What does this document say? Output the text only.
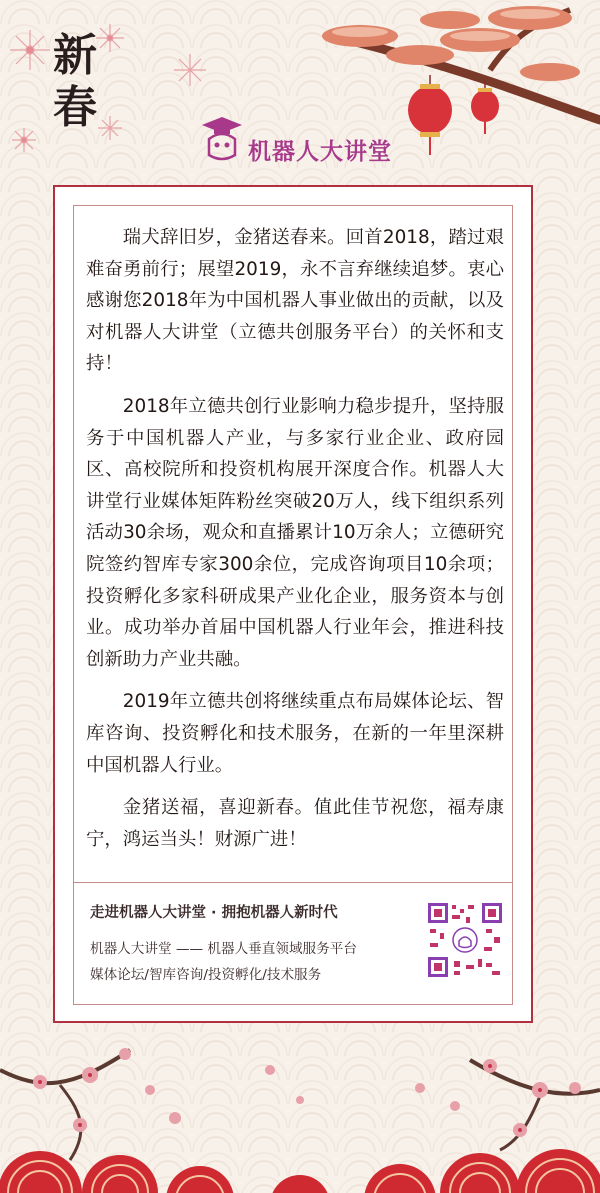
新
春
机器人大讲堂

瑞犬辞旧岁，金猪送春来。回首2018，踏过艰难奋勇前行；展望2019，永不言弃继续追梦。衷心感谢您2018年为中国机器人事业做出的贡献，以及对机器人大讲堂（立德共创服务平台）的关怀和支持！

2018年立德共创行业影响力稳步提升，坚持服务于中国机器人产业，与多家行业企业、政府园区、高校院所和投资机构展开深度合作。机器人大讲堂行业媒体矩阵粉丝突破20万人，线下组织系列活动30余场，观众和直播累计10万余人；立德研究院签约智库专家300余位，完成咨询项目10余项；投资孵化多家科研成果产业化企业，服务资本与创业。成功举办首届中国机器人行业年会，推进科技创新助力产业共融。

2019年立德共创将继续重点布局媒体论坛、智库咨询、投资孵化和技术服务，在新的一年里深耕中国机器人行业。

金猪送福，喜迎新春。值此佳节祝您，福寿康宁，鸿运当头！财源广进！

走进机器人大讲堂 · 拥抱机器人新时代
机器人大讲堂 —— 机器人垂直领域服务平台
媒体论坛/智库咨询/投资孵化/技术服务
